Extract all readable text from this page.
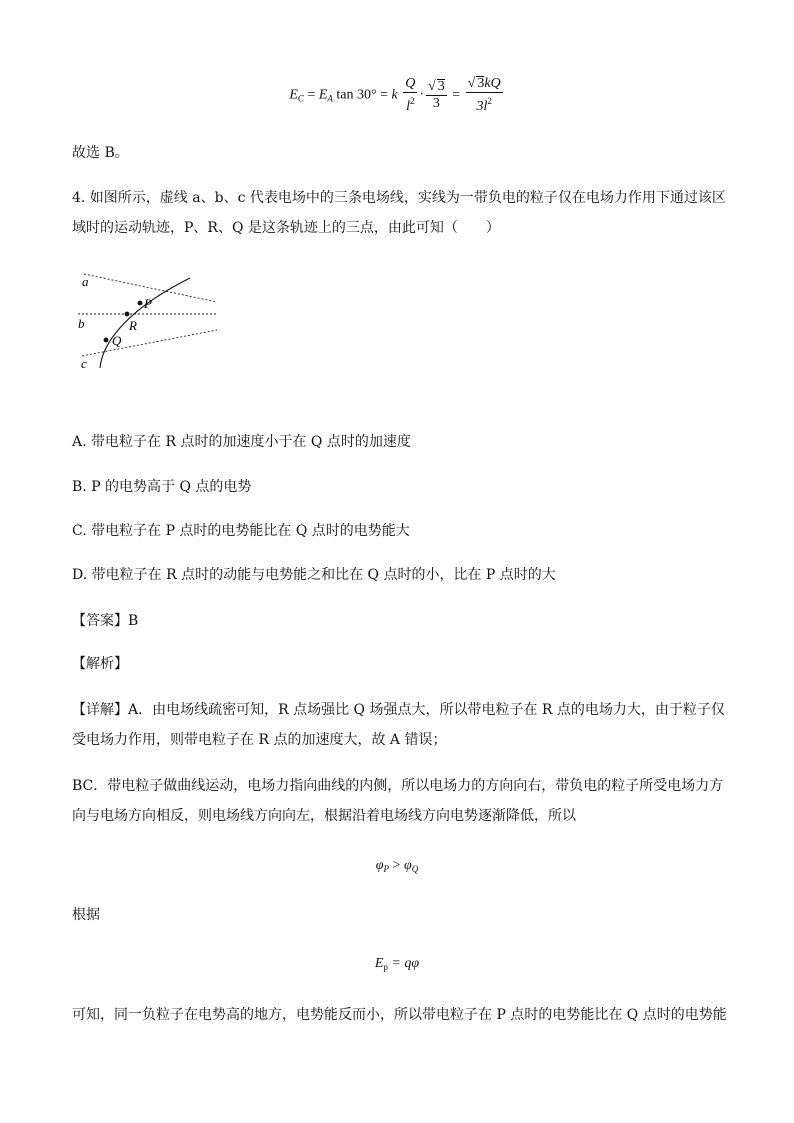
$E_C = E_A$ tan 30° = k $\frac{Q}{l^2} \cdot \frac{√ 3}{3} = \frac{√ 3kQ}{3l^2}$
故选 B。
4. 如图所示，虚线 a、b、c 代表电场中的三条电场线，实线为一带负电的粒子仅在电场力作用下通过该区
域时的运动轨迹，P、R、Q 是这条轨迹上的三点，由此可知（　　）
a
b
c
P
R
Q
A. 带电粒子在 R 点时的加速度小于在 Q 点时的加速度
B. P 的电势高于 Q 点的电势
C. 带电粒子在 P 点时的电势能比在 Q 点时的电势能大
D. 带电粒子在 R 点时的动能与电势能之和比在 Q 点时的小，比在 P 点时的大
【答案】B
【解析】
【详解】A．由电场线疏密可知，R 点场强比 Q 场强点大，所以带电粒子在 R 点的电场力大，由于粒子仅
受电场力作用，则带电粒子在 R 点的加速度大，故 A 错误；
BC．带电粒子做曲线运动，电场力指向曲线的内侧，所以电场力的方向向右，带负电的粒子所受电场力方
向与电场方向相反，则电场线方向向左，根据沿着电场线方向电势逐渐降低，所以
$\varphi_P > \varphi_Q$
根据
$E_p = q\varphi$
可知，同一负粒子在电势高的地方，电势能反而小，所以带电粒子在 P 点时的电势能比在 Q 点时的电势能
